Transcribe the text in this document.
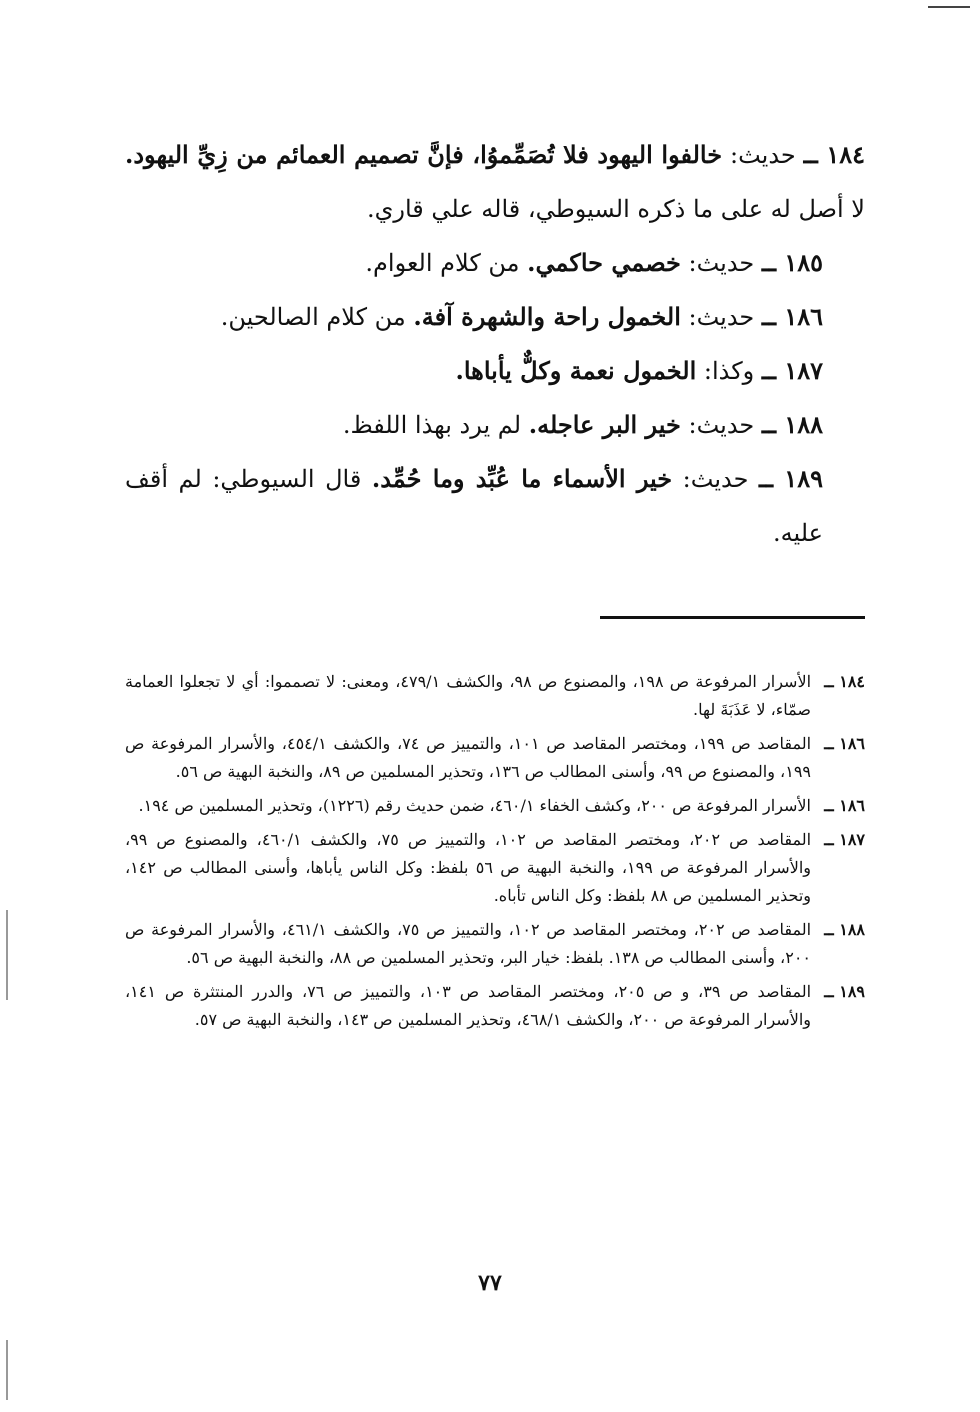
١٨٤ ــ حديث: خالفوا اليهود فلا تُصَمِّموُا، فإنَّ تصميم العمائم من زِيِّ اليهود. لا أصل له على ما ذكره السيوطي، قاله علي قاري.

١٨٥ ــ حديث: خصمي حاكمي. من كلام العوام.

١٨٦ ــ حديث: الخمول راحة والشهرة آفة. من كلام الصالحين.

١٨٧ ــ وكذا: الخمول نعمة وكلٌّ يأباها.

١٨٨ ــ حديث: خير البر عاجله. لم يرد بهذا اللفظ.

١٨٩ ــ حديث: خير الأسماء ما عُبِّد وما حُمِّد. قال السيوطي: لم أقف عليه.

١٨٤ ــ
الأسرار المرفوعة ص ١٩٨، والمصنوع ص ٩٨، والكشف ٤٧٩/١، ومعنى: لا تصمموا: أي لا تجعلوا العمامة صمّاء، لا عَذَبَةَ لها.

١٨٦ ــ
المقاصد ص ١٩٩، ومختصر المقاصد ص ١٠١، والتمييز ص ٧٤، والكشف ٤٥٤/١، والأسرار المرفوعة ص ١٩٩، والمصنوع ص ٩٩، وأسنى المطالب ص ١٣٦، وتحذير المسلمين ص ٨٩، والنخبة البهية ص ٥٦.

١٨٦ ــ
الأسرار المرفوعة ص ٢٠٠، وكشف الخفاء ٤٦٠/١، ضمن حديث رقم (١٢٢٦)، وتحذير المسلمين ص ١٩٤.

١٨٧ ــ
المقاصد ص ٢٠٢، ومختصر المقاصد ص ١٠٢، والتمييز ص ٧٥، والكشف ٤٦٠/١، والمصنوع ص ٩٩، والأسرار المرفوعة ص ١٩٩، والنخبة البهية ص ٥٦ بلفظ: وكل الناس يأباها، وأسنى المطالب ص ١٤٢، وتحذير المسلمين ص ٨٨ بلفظ: وكل الناس تأباه.

١٨٨ ــ
المقاصد ص ٢٠٢، ومختصر المقاصد ص ١٠٢، والتمييز ص ٧٥، والكشف ٤٦١/١، والأسرار المرفوعة ص ٢٠٠، وأسنى المطالب ص ١٣٨. بلفظ: خيار البر، وتحذير المسلمين ص ٨٨، والنخبة البهية ص ٥٦.

١٨٩ ــ
المقاصد ص ٣٩، و ص ٢٠٥، ومختصر المقاصد ص ١٠٣، والتمييز ص ٧٦، والدرر المنتثرة ص ١٤١، والأسرار المرفوعة ص ٢٠٠، والكشف ٤٦٨/١، وتحذير المسلمين ص ١٤٣، والنخبة البهية ص ٥٧.

٧٧
